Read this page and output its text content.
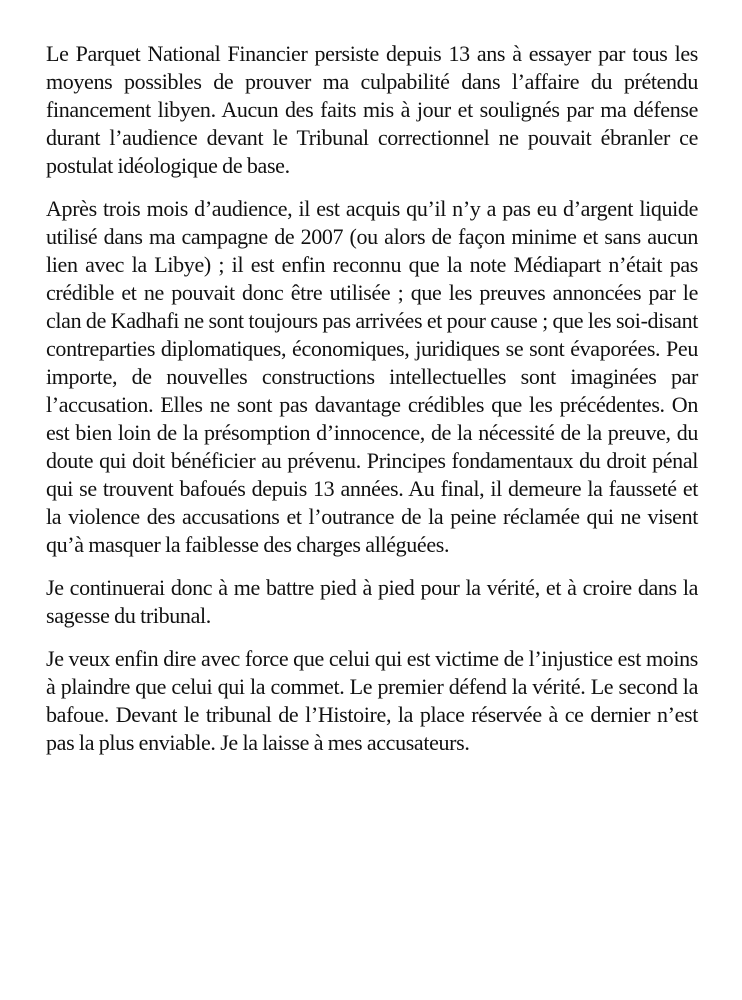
Le Parquet National Financier persiste depuis 13 ans à essayer par tous les moyens possibles de prouver ma culpabilité dans l’affaire du prétendu financement libyen. Aucun des faits mis à jour et soulignés par ma défense durant l’audience devant le Tribunal correctionnel ne pouvait ébranler ce postulat idéologique de base.

Après trois mois d’audience, il est acquis qu’il n’y a pas eu d’argent liquide utilisé dans ma campagne de 2007 (ou alors de façon minime et sans aucun lien avec la Libye) ; il est enfin reconnu que la note Médiapart n’était pas crédible et ne pouvait donc être utilisée ; que les preuves annoncées par le clan de Kadhafi ne sont toujours pas arrivées et pour cause ; que les soi-disant contreparties diplomatiques, économiques, juridiques se sont évaporées. Peu importe, de nouvelles constructions intellectuelles sont imaginées par l’accusation. Elles ne sont pas davantage crédibles que les précédentes. On est bien loin de la présomption d’innocence, de la nécessité de la preuve, du doute qui doit bénéficier au prévenu. Principes fondamentaux du droit pénal qui se trouvent bafoués depuis 13 années. Au final, il demeure la fausseté et la violence des accusations et l’outrance de la peine réclamée qui ne visent qu’à masquer la faiblesse des charges alléguées.

Je continuerai donc à me battre pied à pied pour la vérité, et à croire dans la sagesse du tribunal.

Je veux enfin dire avec force que celui qui est victime de l’injustice est moins à plaindre que celui qui la commet. Le premier défend la vérité. Le second la bafoue. Devant le tribunal de l’Histoire, la place réservée à ce dernier n’est pas la plus enviable. Je la laisse à mes accusateurs.
